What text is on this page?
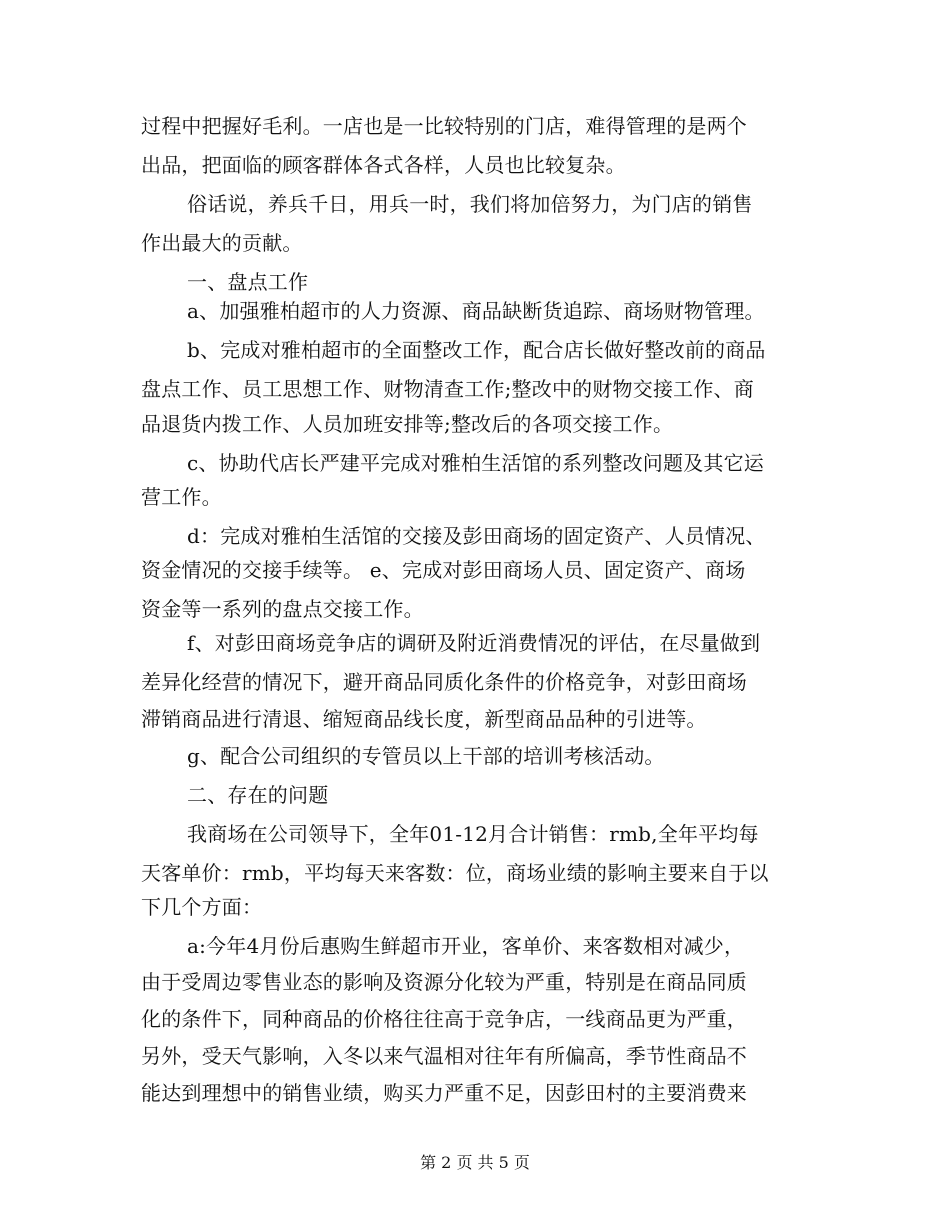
过程中把握好毛利。一店也是一比较特别的门店，难得管理的是两个
出品，把面临的顾客群体各式各样，人员也比较复杂。
俗话说，养兵千日，用兵一时，我们将加倍努力，为门店的销售
作出最大的贡献。
一、盘点工作
a、加强雅柏超市的人力资源、商品缺断货追踪、商场财物管理。
b、完成对雅柏超市的全面整改工作，配合店长做好整改前的商品
盘点工作、员工思想工作、财物清查工作;整改中的财物交接工作、商
品退货内拨工作、人员加班安排等;整改后的各项交接工作。
c、协助代店长严建平完成对雅柏生活馆的系列整改问题及其它运
营工作。
d：完成对雅柏生活馆的交接及彭田商场的固定资产、人员情况、
资金情况的交接手续等。 e、完成对彭田商场人员、固定资产、商场
资金等一系列的盘点交接工作。
f、对彭田商场竞争店的调研及附近消费情况的评估，在尽量做到
差异化经营的情况下，避开商品同质化条件的价格竞争，对彭田商场
滞销商品进行清退、缩短商品线长度，新型商品品种的引进等。
g、配合公司组织的专管员以上干部的培训考核活动。
二、存在的问题
我商场在公司领导下，全年01-12月合计销售：rmb,全年平均每
天客单价：rmb，平均每天来客数：位，商场业绩的影响主要来自于以
下几个方面：
a:今年4月份后惠购生鲜超市开业，客单价、来客数相对减少，
由于受周边零售业态的影响及资源分化较为严重，特别是在商品同质
化的条件下，同种商品的价格往往高于竞争店，一线商品更为严重，
另外，受天气影响，入冬以来气温相对往年有所偏高，季节性商品不
能达到理想中的销售业绩，购买力严重不足，因彭田村的主要消费来
第 2 页 共 5 页
